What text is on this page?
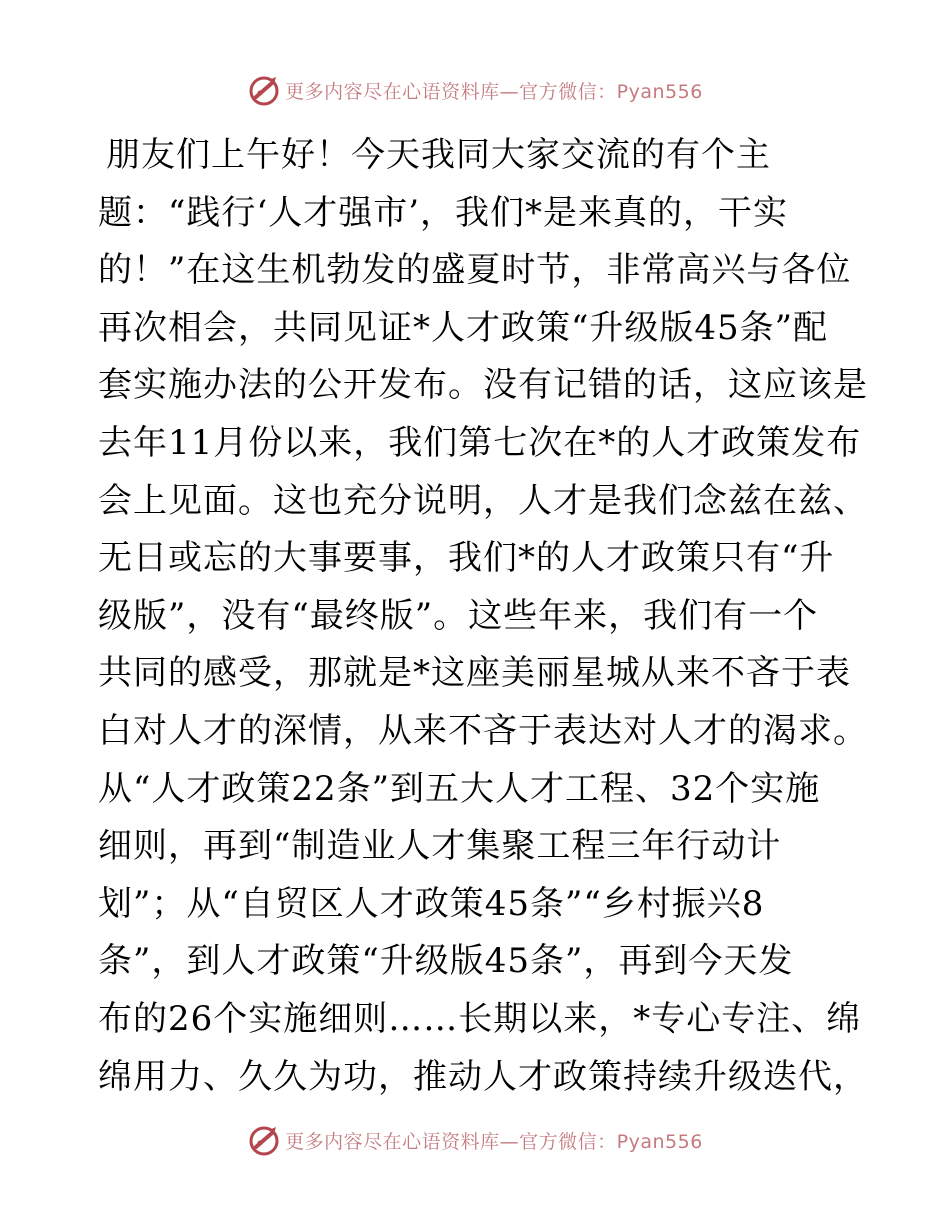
更多内容尽在心语资料库—官方微信：Pyan556
朋友们上午好！今天我同大家交流的有个主
题：“践行‘人才强市’，我们*是来真的，干实
的！”在这生机勃发的盛夏时节，非常高兴与各位
再次相会，共同见证*人才政策“升级版45条”配
套实施办法的公开发布。没有记错的话，这应该是
去年11月份以来，我们第七次在*的人才政策发布
会上见面。这也充分说明，人才是我们念兹在兹、
无日或忘的大事要事，我们*的人才政策只有“升
级版”，没有“最终版”。这些年来，我们有一个
共同的感受，那就是*这座美丽星城从来不吝于表
白对人才的深情，从来不吝于表达对人才的渴求。
从“人才政策22条”到五大人才工程、32个实施
细则，再到“制造业人才集聚工程三年行动计
划”；从“自贸区人才政策45条”“乡村振兴8
条”，到人才政策“升级版45条”，再到今天发
布的26个实施细则……长期以来，*专心专注、绵
绵用力、久久为功，推动人才政策持续升级迭代，
更多内容尽在心语资料库—官方微信：Pyan556
